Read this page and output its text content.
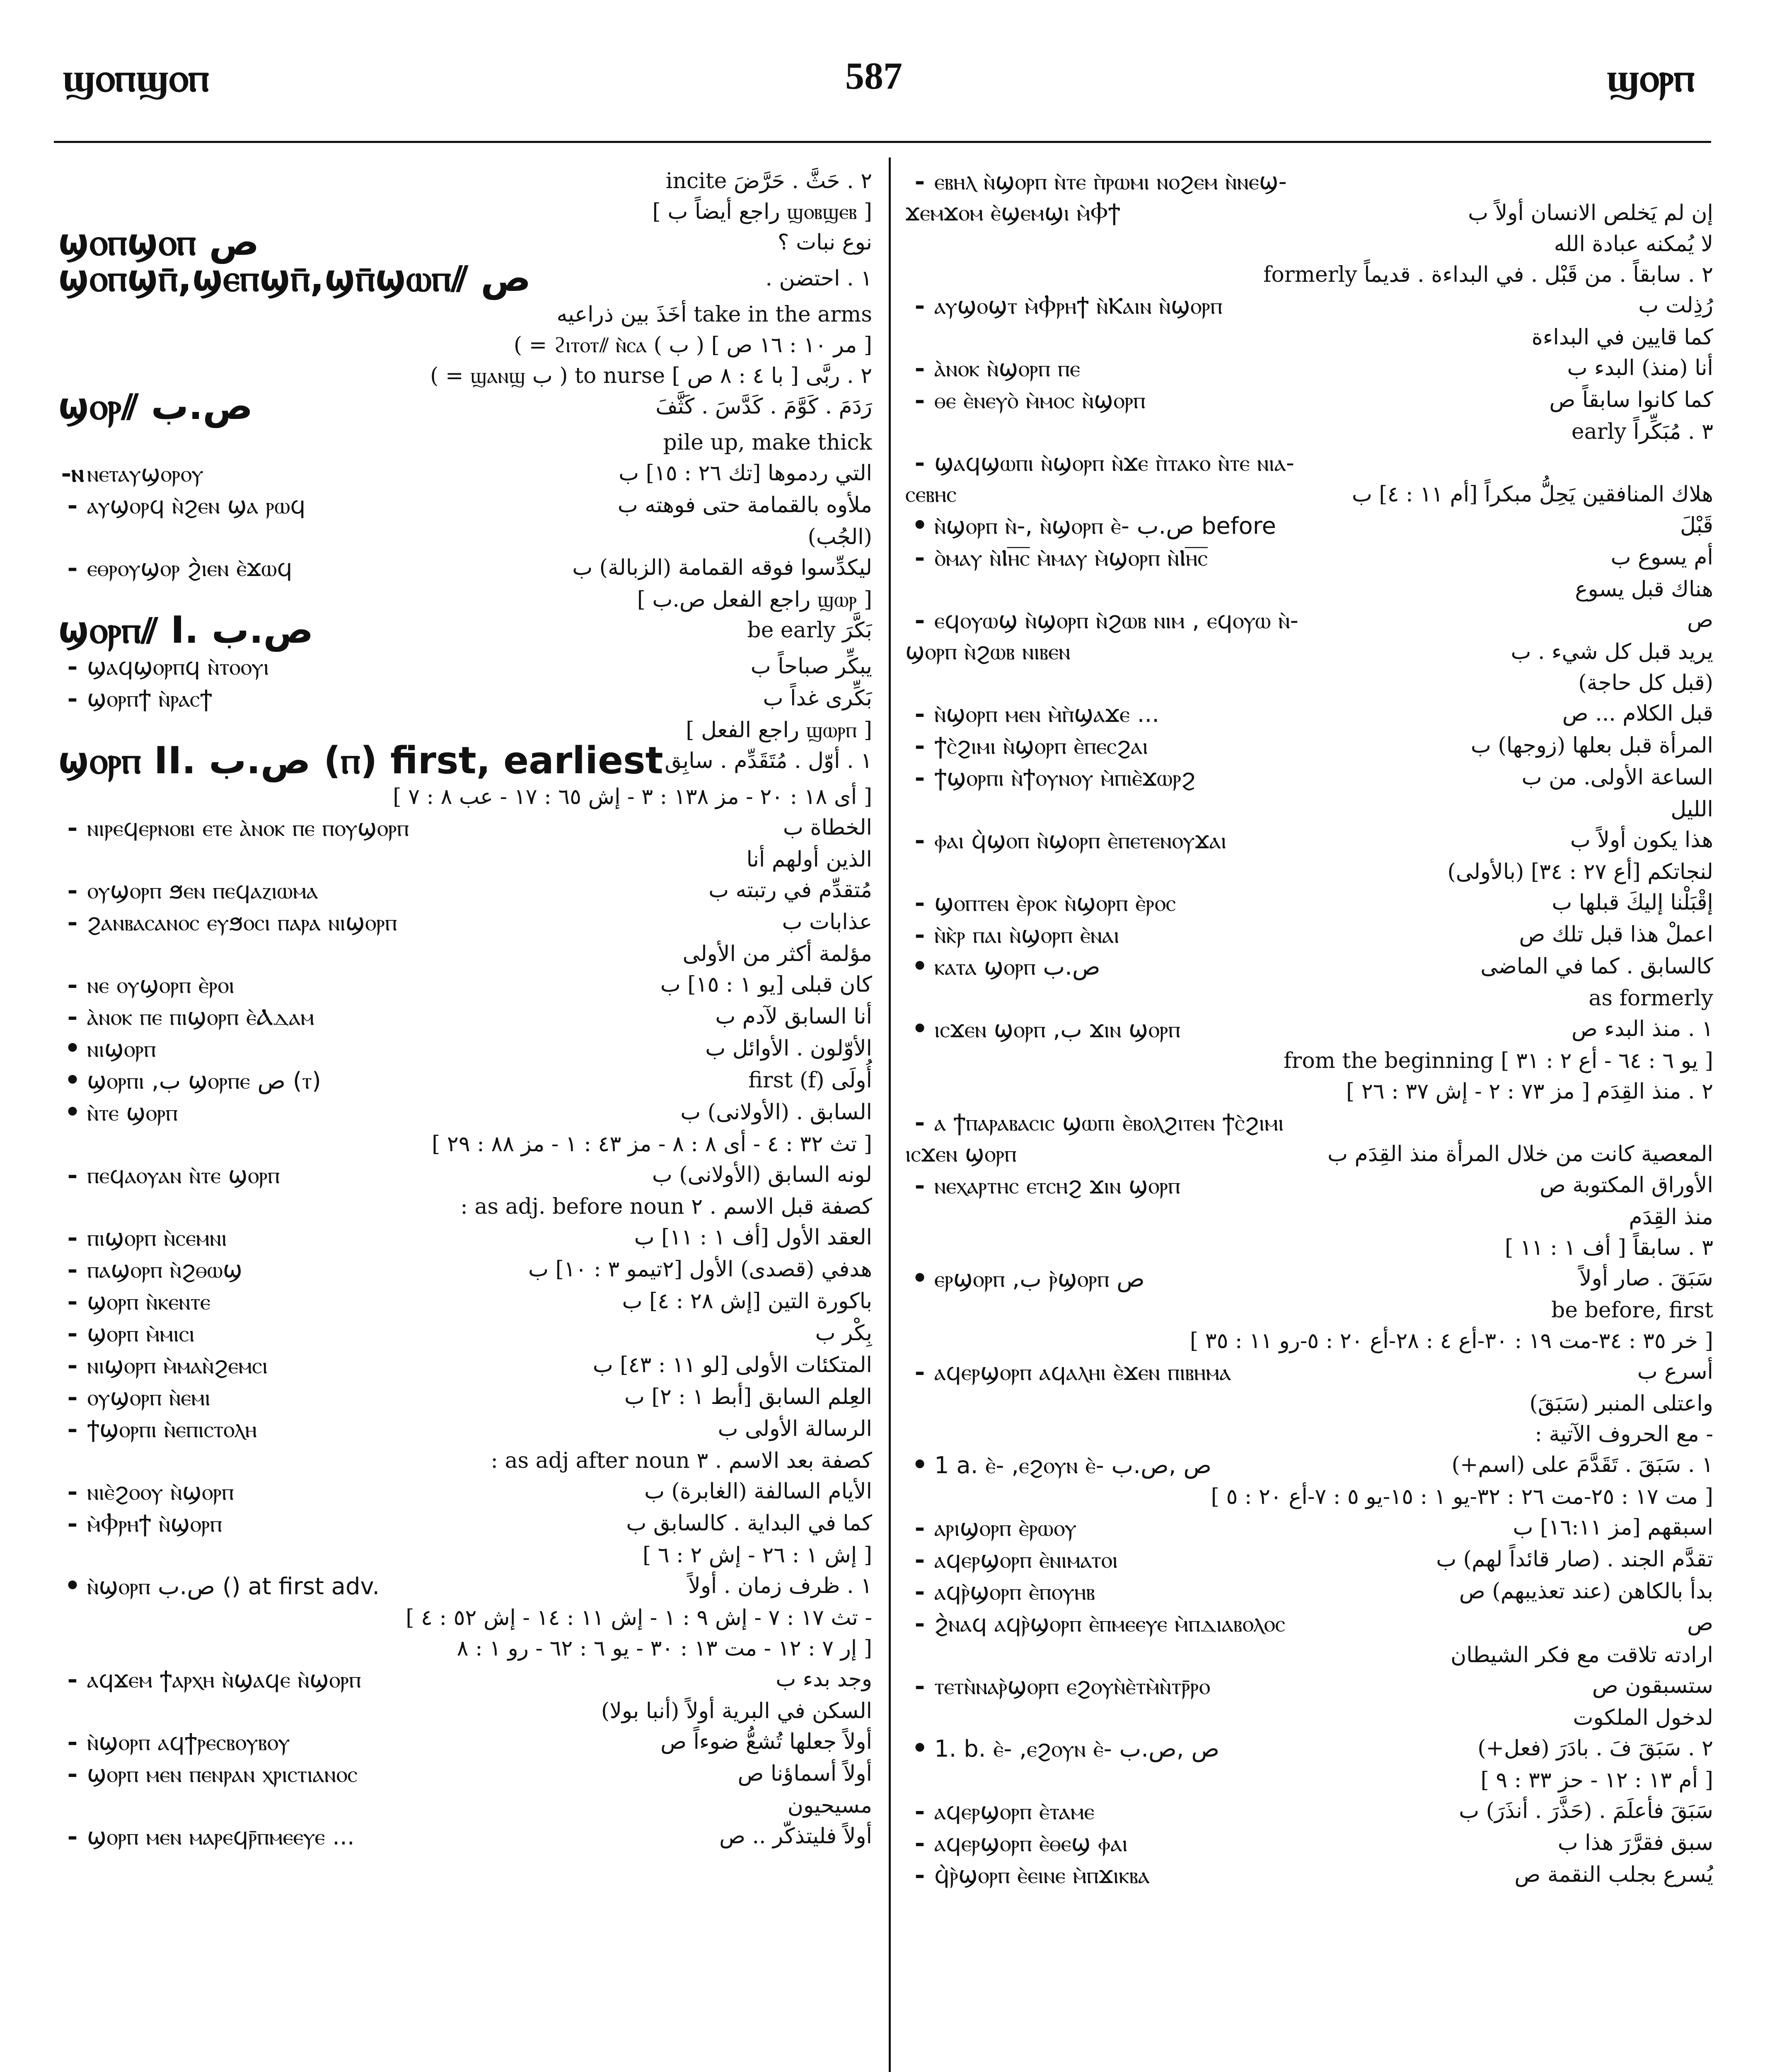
ϣⲟⲡϣⲟⲡ	587	ϣⲟⲣⲡ
٢ . حَثَّ . حَرَّضَ incite
[ راجع أيضاً ب ϣⲟⲃϣⲉⲃ ]
ϣⲟⲡϣⲟⲡ ص	نوع نبات ؟
ϣⲟⲡϣⲡ̄,ϣⲉⲡϣⲡ̄,ϣⲡ̄ϣⲱⲡ⫽ ص	١ . احتضن .
أخَذَ بين ذراعيه take in the arms
( = ϩⲓⲧⲟⲧ⫽ ⲛ̀ⲥⲁ ( ب ) [ مر ١٠ : ١٦ ص ]
( = ϣⲁⲛϣ ب ) to nurse [ با ٤ : ٨ ص ] ٢ . ربَّى
ϣⲟⲣ⫽ ص.ب	رَدَمَ . كَوَّمَ . كَدَّسَ . كَثَّفَ
pile up, make thick
-ⲛ ⲛⲉⲧⲁⲩϣⲟⲣⲟⲩ	التي ردموها [تك ٢٦ : ١٥] ب
- ⲁⲩϣⲟⲣϥ ⲛ̀ϩⲉⲛ ϣⲁ ⲣⲱϥ	ملأوه بالقمامة حتى فوهته ب
(الجُب)
- ⲉⲑⲣⲟⲩϣⲟⲣ ϩ̀ⲓⲉⲛ ⲉ̀ϫⲱϥ	ليكدِّسوا فوقه القمامة (الزبالة) ب
[ راجع الفعل ص.ب ϣⲱⲣ ]
ϣⲟⲣⲡ⫽ I. ص.ب	بَكَّرَ be early
- ϣⲁϥϣⲟⲣⲡϥ ⲛ̀ⲧⲟⲟⲩⲓ	يبكِّر صباحاً ب
- ϣⲟⲣⲡϯ ⲛ̀ⲣⲁⲥϯ	بَكِّرى غداً ب
[ راجع الفعل ϣⲱⲣⲡ ]
ϣⲟⲣⲡ II. ص.ب (ⲡ) first, earliest ١ . أوّل . مُتَقَدِّم . سابِق
[ أى ١٨ : ٢٠ - مز ١٣٨ : ٣ - إش ٦٥ : ١٧ - عب ٨ : ٧ ]
- ⲛⲓⲣⲉϥⲉⲣⲛⲟⲃⲓ ⲉⲧⲉ ⲁ̀ⲛⲟⲕ ⲡⲉ ⲡⲟⲩϣⲟⲣⲡ	الخطاة ب
الذين أولهم أنا
- ⲟⲩϣⲟⲣⲡ ϧⲉⲛ ⲡⲉϥⲁⲍⲓⲱⲙⲁ	مُتقدِّم في رتبته ب
- ϩⲁⲛⲃⲁⲥⲁⲛⲟⲥ ⲉⲩϧⲟⲥⲓ ⲡⲁⲣⲁ ⲛⲓϣⲟⲣⲡ	عذابات ب
مؤلمة أكثر من الأولى
- ⲛⲉ ⲟⲩϣⲟⲣⲡ ⲉ̀ⲣⲟⲓ	كان قبلى [يو ١ : ١٥] ب
- ⲁ̀ⲛⲟⲕ ⲡⲉ ⲡⲓϣⲟⲣⲡ ⲉ̀Ⲁⲇⲁⲙ	أنا السابق لآدم ب
• ⲛⲓϣⲟⲣⲡ	الأوّلون . الأوائل ب
• ϣⲟⲣⲡⲓ ,ب ϣⲟⲣⲡⲉ ص (ⲧ)	أُولَى first (f)
• ⲛ̀ⲧⲉ ϣⲟⲣⲡ	السابق . (الأولانى) ب
[ تث ٣٢ : ٤ - أى ٨ : ٨ - مز ٤٣ : ١ - مز ٨٨ : ٢٩ ]
- ⲡⲉϥⲁⲟⲩⲁⲛ ⲛ̀ⲧⲉ ϣⲟⲣⲡ	لونه السابق (الأولانى) ب
: as adj. before noun كصفة قبل الاسم . ٢
- ⲡⲓϣⲟⲣⲡ ⲛ̀ⲥⲉⲙⲛⲓ	العقد الأول [أف ١ : ١١] ب
- ⲡⲁϣⲟⲣⲡ ⲛ̀ϩⲑⲱϣ	هدفي (قصدى) الأول [٢تيمو ٣ : ١٠] ب
- ϣⲟⲣⲡ ⲛ̀ⲕⲉⲛⲧⲉ	باكورة التين [إش ٢٨ : ٤] ب
- ϣⲟⲣⲡ ⲙ̀ⲙⲓⲥⲓ	بِكْر ب
- ⲛⲓϣⲟⲣⲡ ⲙ̀ⲙⲁⲛ̀ϩⲉⲙⲥⲓ	المتكئات الأولى [لو ١١ : ٤٣] ب
- ⲟⲩϣⲟⲣⲡ ⲛ̀ⲉⲙⲓ	العِلم السابق [أبط ١ : ٢] ب
- ϯϣⲟⲣⲡⲓ ⲛ̀ⲉⲡⲓⲥⲧⲟⲗⲏ	الرسالة الأولى ب
: as adj after noun كصفة بعد الاسم . ٣
- ⲛⲓⲉ̀ϩⲟⲟⲩ ⲛ̀ϣⲟⲣⲡ	الأيام السالفة (الغابرة) ب
- ⲙ̀Ⲫⲣⲏϯ ⲛ̀ϣⲟⲣⲡ	كما في البداية . كالسابق ب
[ إش ١ : ٢٦ - إش ٢ : ٦ ]
• ⲛ̀ϣⲟⲣⲡ ص.ب () at first adv.	١ . ظرف زمان . أولاً
[ تث ١٧ : ٧ - إش ٩ : ١ - إش ١١ : ١٤ - إش ٥٢ : ٤ -
إر ٧ : ١٢ - مت ١٣ : ٣٠ - يو ٦ : ٦٢ - رو ١ : ٨ ]
- ⲁϥϫⲉⲙ ϯⲁⲣⲭⲏ ⲛ̀ϣⲁϥⲉ ⲛ̀ϣⲟⲣⲡ	وجد بدء ب
السكن في البرية أولاً (أنبا بولا)
- ⲛ̀ϣⲟⲣⲡ ⲁϥϯⲣⲉⲥⲃⲟⲩⲃⲟⲩ	أولاً جعلها تُشعُّ ضوءاً ص
- ϣⲟⲣⲡ ⲙⲉⲛ ⲡⲉⲛⲣⲁⲛ ⲭⲣⲓⲥⲧⲓⲁⲛⲟⲥ	أولاً أسماؤنا ص
مسيحيون
- ϣⲟⲣⲡ ⲙⲉⲛ ⲙⲁⲣⲉϥⲣ̄ⲡⲙⲉⲉⲩⲉ ...	أولاً فليتذكّر .. ص
- ⲉⲃⲏⲗ ⲛ̀ϣⲟⲣⲡ ⲛ̀ⲧⲉ ⲡ̀ⲣⲱⲙⲓ ⲛⲟϩⲉⲙ ⲛ̀ⲛⲉϣ-
ϫⲉⲙϫⲟⲙ ⲉ̀ϣⲉⲙϣⲓ ⲙ̀Ⲫϯ	إن لم يَخلص الانسان أولاً ب
لا يُمكنه عبادة الله
٢ . سابقاً . من قَبْل . في البداءة . قديماً formerly
- ⲁⲩϣⲟϣⲧ ⲙ̀Ⲫⲣⲏϯ ⲛ̀Ⲕⲁⲓⲛ ⲛ̀ϣⲟⲣⲡ	رُذِلت ب
كما قايين في البداءة
- ⲁ̀ⲛⲟⲕ ⲛ̀ϣⲟⲣⲡ ⲡⲉ	أنا (منذ) البدء ب
- ⲑⲉ ⲉ̀ⲛⲉⲩⲟ̀ ⲙ̀ⲙⲟⲥ ⲛ̀ϣⲟⲣⲡ	كما كانوا سابقاً ص
٣ . مُبَكِّراً early
- ϣⲁϥϣⲱⲡⲓ ⲛ̀ϣⲟⲣⲡ ⲛ̀ϫⲉ ⲡ̀ⲧⲁⲕⲟ ⲛ̀ⲧⲉ ⲛⲓⲁ-
ⲥⲉⲃⲏⲥ	هلاك المنافقين يَحِلُّ مبكراً [أم ١١ : ٤] ب
• ⲛ̀ϣⲟⲣⲡ ⲛ̀-, ⲛ̀ϣⲟⲣⲡ ⲉ̀- ص.ب before	قَبْلَ
- ⲟ̀ⲙⲁⲩ ⲛ̀Ⲓⲏ̅ⲥ̅ ⲙ̀ⲙⲁⲩ ⲙ̀ϣⲟⲣⲡ ⲛ̀Ⲓⲏ̅ⲥ̅	أم يسوع ب
هناك قبل يسوع
- ⲉϥⲟⲩⲱϣ ⲛ̀ϣⲟⲣⲡ ⲛ̀ϩⲱⲃ ⲛⲓⲙ , ⲉϥⲟⲩⲱ ⲛ̀-	ص
ϣⲟⲣⲡ ⲛ̀ϩⲱⲃ ⲛⲓⲃⲉⲛ	يريد قبل كل شيء . ب
(قبل كل حاجة)
- ⲛ̀ϣⲟⲣⲡ ⲙⲉⲛ ⲙ̀ⲡ̀ϣⲁϫⲉ ...	قبل الكلام ... ص
- ϯⲥ̀ϩⲓⲙⲓ ⲛ̀ϣⲟⲣⲡ ⲉ̀ⲡⲉⲥϩⲁⲓ	المرأة قبل بعلها (زوجها) ب
- ϯϣⲟⲣⲡⲓ ⲛ̀ϯⲟⲩⲛⲟⲩ ⲙ̀ⲡⲓⲉ̀ϫⲱⲣϩ	الساعة الأولى. من ب
الليل
- ⲫⲁⲓ ϥ̀ϣⲟⲡ ⲛ̀ϣⲟⲣⲡ ⲉ̀ⲡⲉⲧⲉⲛⲟⲩϫⲁⲓ	هذا يكون أولاً ب
(بالأولى) لنجاتكم [أع ٢٧ : ٣٤]
- ϣⲟⲡⲧⲉⲛ ⲉ̀ⲣⲟⲕ ⲛ̀ϣⲟⲣⲡ ⲉ̀ⲣⲟⲥ	إقْبَلْنا إليكَ قبلها ب
- ⲛ̀ⲕ̀ⲣ ⲡⲁⲓ ⲛ̀ϣⲟⲣⲡ ⲉ̀ⲛⲁⲓ	اعملْ هذا قبل تلك ص
• ⲕⲁⲧⲁ ϣⲟⲣⲡ ص.ب	كالسابق . كما في الماضى
as formerly
• ⲓⲥϫⲉⲛ ϣⲟⲣⲡ ,ب ϫⲓⲛ ϣⲟⲣⲡ	١ . منذ البدء ص
from the beginning [ يو ٦ : ٦٤ - أع ٢ : ٣١ ]
٢ . منذ القِدَم [ مز ٧٣ : ٢ - إش ٣٧ : ٢٦ ]
- ⲁ ϯⲡⲁⲣⲁⲃⲁⲥⲓⲥ ϣⲱⲡⲓ ⲉ̀ⲃⲟⲗϩⲓⲧⲉⲛ ϯⲥ̀ϩⲓⲙⲓ
ⲓⲥϫⲉⲛ ϣⲟⲣⲡ	المعصية كانت من خلال المرأة منذ القِدَم ب
- ⲛⲉⲭⲁⲣⲧⲏⲥ ⲉⲧⲥⲏϩ ϫⲓⲛ ϣⲟⲣⲡ	الأوراق المكتوبة ص
منذ القِدَم
٣ . سابقاً [ أف ١ : ١١ ]
• ⲉⲣϣⲟⲣⲡ ,ب ⲣ̀ϣⲟⲣⲡ ص	سَبَقَ . صار أولاً
be before, first
[ خر ٣٥ : ٣٤-مت ١٩ : ٣٠-أع ٤ : ٢٨-أع ٢٠ : ٥-رو ١١ : ٣٥ ]
- ⲁϥⲉⲣϣⲟⲣⲡ ⲁϥⲁⲗⲏⲓ ⲉ̀ϫⲉⲛ ⲡⲓⲃⲏⲙⲁ	أسرع ب
(سَبَقَ) واعتلى المنبر
: مع الحروف الآتية -
• 1 a. ⲉ̀- ,ⲉϩⲟⲩⲛ ⲉ̀- ص ,ص.ب	١ . سَبَقَ . تَقَدَّمَ على (اسم+)
[ مت ١٧ : ٢٥-مت ٢٦ : ٣٢-يو ١ : ١٥-يو ٥ : ٧-أع ٢٠ : ٥ ]
- ⲁⲣⲓϣⲟⲣⲡ ⲉ̀ⲣⲱⲟⲩ	اسبقهم [مز ١٦:١١] ب
- ⲁϥⲉⲣϣⲟⲣⲡ ⲉ̀ⲛⲓⲙⲁⲧⲟⲓ	تقدَّم الجند . (صار قائداً لهم) ب
- ⲁϥⲣ̀ϣⲟⲣⲡ ⲉ̀ⲡⲟⲩⲏⲃ	بدأ بالكاهن (عند تعذيبهم) ص
- ϩ̀ⲛⲁϥ ⲁϥⲣ̀ϣⲟⲣⲡ ⲉ̀ⲡⲙⲉⲉⲩⲉ ⲙ̀ⲡⲇⲓⲁⲃⲟⲗⲟⲥ	ص
ارادته تلاقت مع فكر الشيطان
- ⲧⲉⲧⲛ̀ⲛⲁⲣ̀ϣⲟⲣⲡ ⲉϩⲟⲩⲛ̀ⲉ̀ⲧⲙ̀ⲛ̀ⲧⲣ̄ⲣⲟ	ستسبقون ص
لدخول الملكوت
• 1. b. ⲉ̀- ,ⲉϩⲟⲩⲛ ⲉ̀- ص ,ص.ب	٢ . سَبَقَ فَ . بادَرَ (فعل+)
[ أم ١٣ : ١٢ - حز ٣٣ : ٩ ]
- ⲁϥⲉⲣϣⲟⲣⲡ ⲉ̀ⲧⲁⲙⲉ	سَبَقَ فأعلَمَ . (حَذَّرَ . أنذَرَ) ب
- ⲁϥⲉⲣϣⲟⲣⲡ ⲉ̀ⲑⲉϣ ⲫⲁⲓ	سبق فقرَّرَ هذا ب
- ϥ̀ⲣ̀ϣⲟⲣⲡ ⲉ̀ⲉⲓⲛⲉ ⲙ̀ⲡϫⲓⲕⲃⲁ	يُسرع بجلب النقمة ص
